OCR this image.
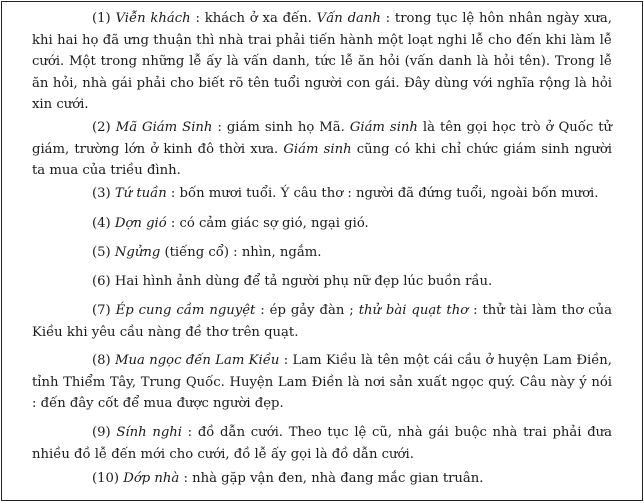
(1) Viễn khách : khách ở xa đến. Vấn danh : trong tục lệ hôn nhân ngày xưa, khi hai họ đã ưng thuận thì nhà trai phải tiến hành một loạt nghi lễ cho đến khi làm lễ cưới. Một trong những lễ ấy là vấn danh, tức lễ ăn hỏi (vấn danh là hỏi tên). Trong lễ ăn hỏi, nhà gái phải cho biết rõ tên tuổi người con gái. Đây dùng với nghĩa rộng là hỏi xin cưới.
(2) Mã Giám Sinh : giám sinh họ Mã. Giám sinh là tên gọi học trò ở Quốc tử giám, trường lớn ở kinh đô thời xưa. Giám sinh cũng có khi chỉ chức giám sinh người ta mua của triều đình.
(3) Tứ tuần : bốn mươi tuổi. Ý câu thơ : người đã đứng tuổi, ngoài bốn mươi.
(4) Dợn gió : có cảm giác sợ gió, ngại gió.
(5) Ngửng (tiếng cổ) : nhìn, ngắm.
(6) Hai hình ảnh dùng để tả người phụ nữ đẹp lúc buồn rầu.
(7) Ép cung cầm nguyệt : ép gảy đàn ; thử bài quạt thơ : thử tài làm thơ của Kiều khi yêu cầu nàng đề thơ trên quạt.
(8) Mua ngọc đến Lam Kiều : Lam Kiều là tên một cái cầu ở huyện Lam Điền, tỉnh Thiểm Tây, Trung Quốc. Huyện Lam Điền là nơi sản xuất ngọc quý. Câu này ý nói : đến đây cốt để mua được người đẹp.
(9) Sính nghi : đồ dẫn cưới. Theo tục lệ cũ, nhà gái buộc nhà trai phải đưa nhiều đồ lễ đến mới cho cưới, đồ lễ ấy gọi là đồ dẫn cưới.
(10) Dớp nhà : nhà gặp vận đen, nhà đang mắc gian truân.
